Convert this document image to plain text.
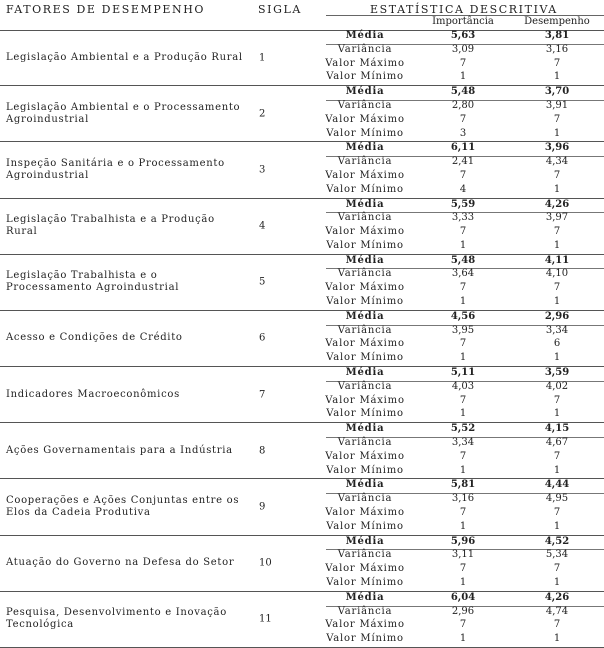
FATORES DE DESEMPENHO	SIGLA	ESTATÍSTICA DESCRITIVA
Importância	Desempenho
Legislação Ambiental e a Produção Rural	1
Média	5,63	3,81
Variância	3,09	3,16
Valor Máximo	7	7
Valor Mínimo	1	1
Legislação Ambiental e o Processamento Agroindustrial	2
Média	5,48	3,70
Variância	2,80	3,91
Valor Máximo	7	7
Valor Mínimo	3	1
Inspeção Sanitária e o Processamento Agroindustrial	3
Média	6,11	3,96
Variância	2,41	4,34
Valor Máximo	7	7
Valor Mínimo	4	1
Legislação Trabalhista e a Produção Rural	4
Média	5,59	4,26
Variância	3,33	3,97
Valor Máximo	7	7
Valor Mínimo	1	1
Legislação Trabalhista e o Processamento Agroindustrial	5
Média	5,48	4,11
Variância	3,64	4,10
Valor Máximo	7	7
Valor Mínimo	1	1
Acesso e Condições de Crédito	6
Média	4,56	2,96
Variância	3,95	3,34
Valor Máximo	7	6
Valor Mínimo	1	1
Indicadores Macroeconômicos	7
Média	5,11	3,59
Variância	4,03	4,02
Valor Máximo	7	7
Valor Mínimo	1	1
Ações Governamentais para a Indústria	8
Média	5,52	4,15
Variância	3,34	4,67
Valor Máximo	7	7
Valor Mínimo	1	1
Cooperações e Ações Conjuntas entre os Elos da Cadeia Produtiva	9
Média	5,81	4,44
Variância	3,16	4,95
Valor Máximo	7	7
Valor Mínimo	1	1
Atuação do Governo na Defesa do Setor	10
Média	5,96	4,52
Variância	3,11	5,34
Valor Máximo	7	7
Valor Mínimo	1	1
Pesquisa, Desenvolvimento e Inovação Tecnológica	11
Média	6,04	4,26
Variância	2,96	4,74
Valor Máximo	7	7
Valor Mínimo	1	1
